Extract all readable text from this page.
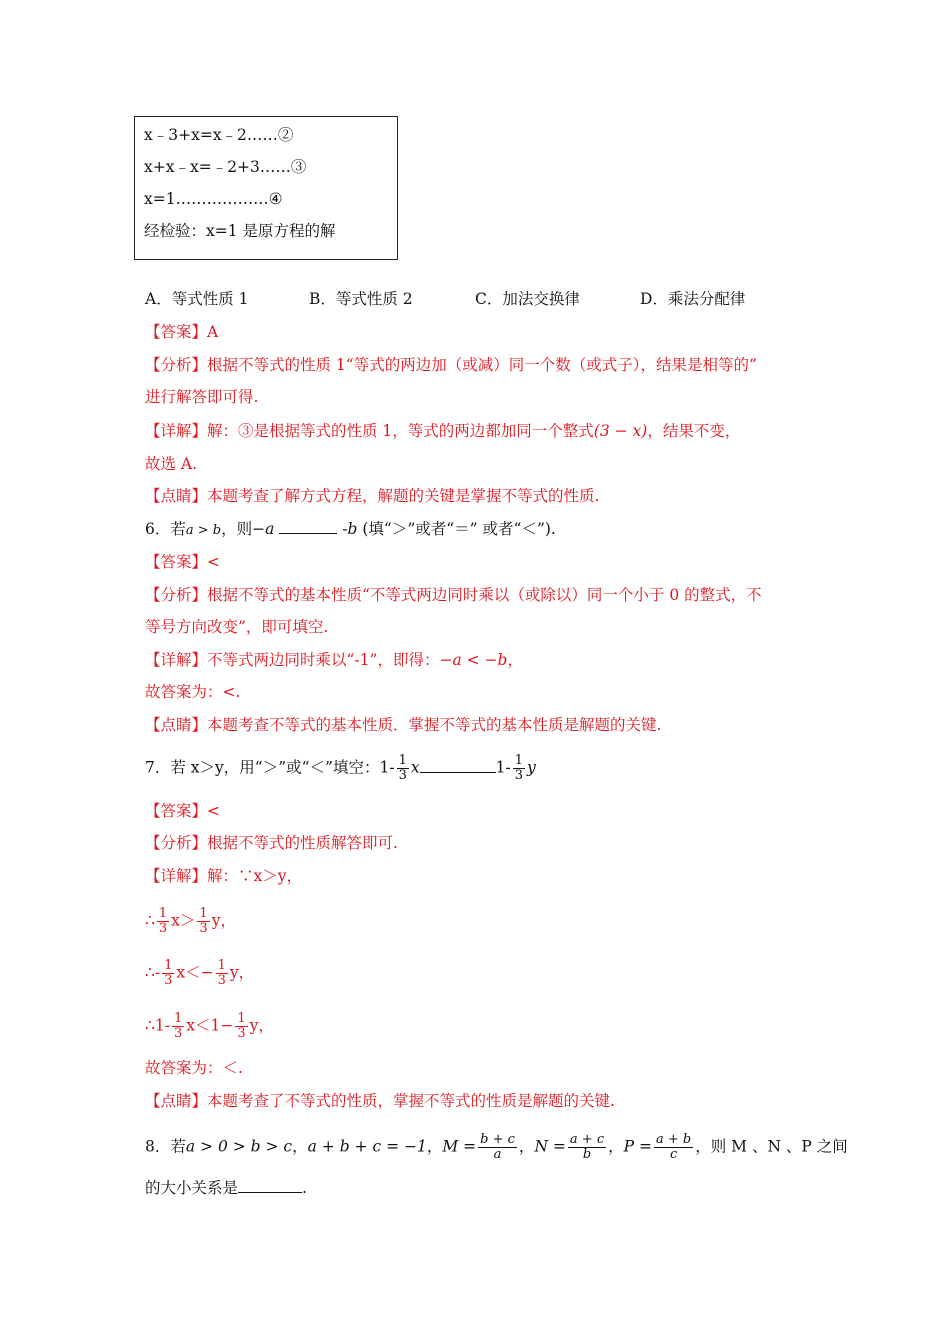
x﹣3+x=x﹣2……②
x+x﹣x=﹣2+3……③
x=1………………④
经检验：x=1 是原方程的解
A．等式性质 1	B．等式性质 2	C．加法交换律	D．乘法分配律
【答案】A
【分析】根据不等式的性质 1“等式的两边加（或减）同一个数（或式子），结果是相等的”
进行解答即可得.
【详解】解：③是根据等式的性质 1，等式的两边都加同一个整式(3 − x)，结果不变，
故选 A.
【点睛】本题考查了解方式方程，解题的关键是掌握不等式的性质.
6．若a > b，则−a	-b (填“＞”或者“＝” 或者“＜”).
【答案】<
【分析】根据不等式的基本性质“不等式两边同时乘以（或除以）同一个小于 0 的整式，不
等号方向改变”，即可填空.
【详解】不等式两边同时乘以“-1”，即得：−a < −b，
故答案为：<.
【点睛】本题考查不等式的基本性质．掌握不等式的基本性质是解题的关键.
7．若 x＞y，用“＞”或“＜”填空：$1- \frac{1}{3}$ x	$1- \frac{1}{3}$ y
【答案】<
【分析】根据不等式的性质解答即可.
【详解】解：∵x＞y，
∴ $\frac{1}{3} x> \frac{1}{3}$ y，
∴- $\frac{1}{3} x<- \frac{1}{3}$ y，
∴1- $\frac{1}{3} x<1- \frac{1}{3}$ y，
故答案为：＜.
【点睛】本题考查了不等式的性质，掌握不等式的性质是解题的关键.
8．若a > 0 > b > c，a + b + c = −1，$M = \frac{b + c}{a}$ ，$N = \frac{a + c}{b}$ ，$P = \frac{a + b}{c}$ ，则 M 、N 、P 之间
的大小关系是	.
